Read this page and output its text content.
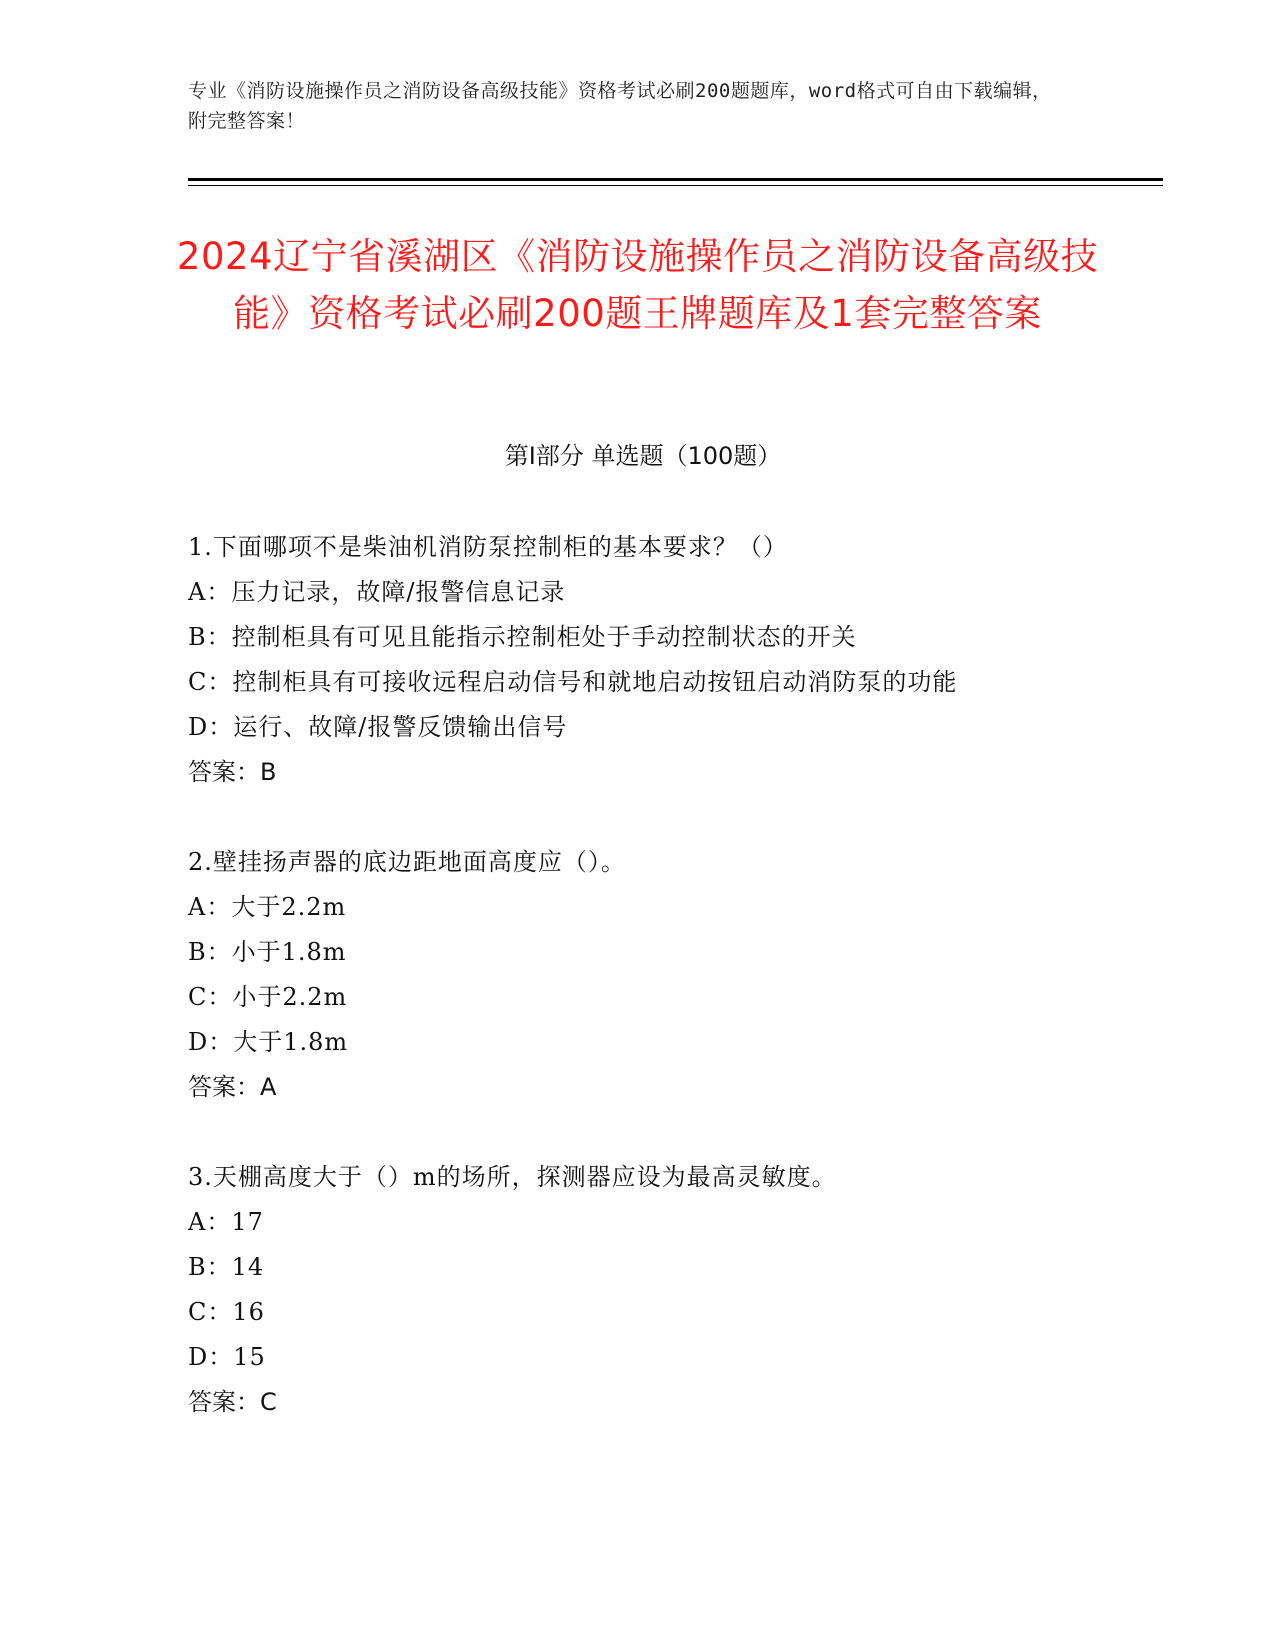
专业《消防设施操作员之消防设备高级技能》资格考试必刷200题题库，word格式可自由下载编辑，附完整答案！
2024辽宁省溪湖区《消防设施操作员之消防设备高级技能》资格考试必刷200题王牌题库及1套完整答案
第I部分 单选题（100题）
1.下面哪项不是柴油机消防泵控制柜的基本要求？（）
A：压力记录，故障/报警信息记录
B：控制柜具有可见且能指示控制柜处于手动控制状态的开关
C：控制柜具有可接收远程启动信号和就地启动按钮启动消防泵的功能
D：运行、故障/报警反馈输出信号
答案：B
2.壁挂扬声器的底边距地面高度应（）。
A：大于2.2m
B：小于1.8m
C：小于2.2m
D：大于1.8m
答案：A
3.天棚高度大于（）m的场所，探测器应设为最高灵敏度。
A：17
B：14
C：16
D：15
答案：C
